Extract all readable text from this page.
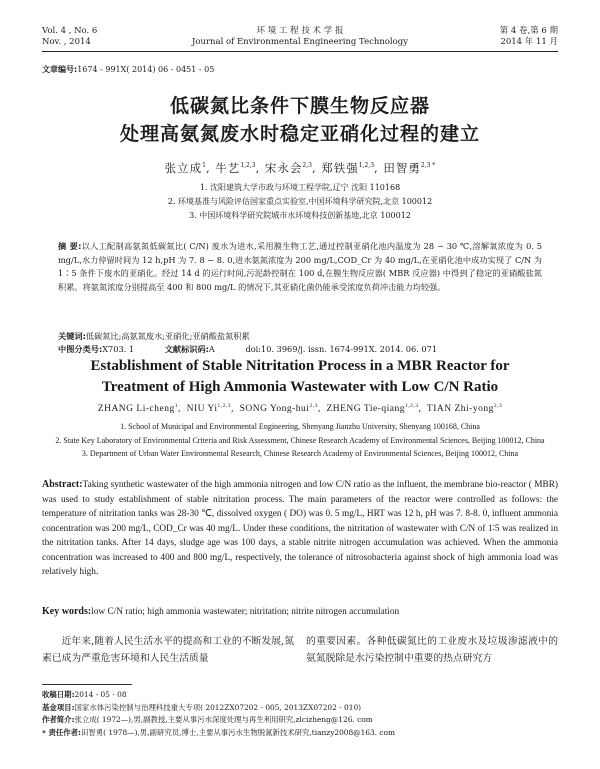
Vol. 4 , No. 6
Nov. , 2014
环 境 工 程 技 术 学 报
Journal of Environmental Engineering Technology
第 4 卷,第 6 期
2014 年 11 月
文章编号:1674 - 991X( 2014) 06 - 0451 - 05
低碳氮比条件下膜生物反应器
处理高氨氮废水时稳定亚硝化过程的建立
张立成$^1$, 牛艺$^{1,2,3}$, 宋永会$^{2,3}$, 郑铁强$^{1,2,3}$, 田智勇$^{2,3 *}$
1. 沈阳建筑大学市政与环境工程学院,辽宁 沈阳 110168
2. 环境基准与风险评估国家重点实验室,中国环境科学研究院,北京 100012
3. 中国环境科学研究院城市水环境科技创新基地,北京 100012
摘 要:以人工配制高氨氮低碳氮比( C/N) 废水为进水,采用膜生物工艺,通过控制亚硝化池内温度为 28 ~ 30 ℃,溶解氧浓度为 0. 5 mg/L,水力停留时间为 12 h,pH 为 7. 8 ~ 8. 0,进水氨氮浓度为 200 mg/L,COD_Cr 为 40 mg/L,在亚硝化池中成功实现了 C/N 为 1∶5 条件下废水的亚硝化。经过 14 d 的运行时间,污泥龄控制在 100 d,在膜生物反应器( MBR 反应器) 中得到了稳定的亚硝酸盐氮积累。将氨氮浓度分别提高至 400 和 800 mg/L 的情况下,其亚硝化菌仍能承受浓度负荷冲击能力均较强。
关键词:低碳氮比;高氨氮废水;亚硝化;亚硝酸盐氮积累
中图分类号:X703. 1	文献标识码:A	doi:10. 3969/j. issn. 1674-991X. 2014. 06. 071
Establishment of Stable Nitritation Process in a MBR Reactor for
Treatment of High Ammonia Wastewater with Low C/N Ratio
ZHANG Li-cheng$^1$,  NIU Yi$^{1,2,3}$,  SONG Yong-hui$^{2,3}$,  ZHENG Tie-qiang$^{1,2,3}$,  TIAN Zhi-yong$^{2,3}$
1. School of Municipal and Environmental Engineering, Shenyang Jianzhu University, Shenyang 100168, China
2. State Key Laboratory of Environmental Criteria and Risk Assessment, Chinese Research Academy of Environmental Sciences, Beijing 100012, China
3. Department of Urban Water Environmental Research, Chinese Research Academy of Environmental Sciences, Beijing 100012, China
Abstract:Taking synthetic wastewater of the high ammonia nitrogen and low C/N ratio as the influent, the membrane bio-reactor ( MBR) was used to study establishment of stable nitritation process. The main parameters of the reactor were controlled as follows: the temperature of nitritation tanks was 28-30 ℃, dissolved oxygen ( DO) was 0. 5 mg/L, HRT was 12 h, pH was 7. 8-8. 0, influent ammonia concentration was 200 mg/L, COD_Cr was 40 mg/L. Under these conditions, the nitritation of wastewater with C/N of 1∶5 was realized in the nitritation tanks. After 14 days, sludge age was 100 days, a stable nitrite nitrogen accumulation was achieved. When the ammonia concentration was increased to 400 and 800 mg/L, respectively, the tolerance of nitrosobacteria against shock of high ammonia load was relatively high.
Key words:low C/N ratio; high ammonia wastewater; nitritation; nitrite nitrogen accumulation
近年来,随着人民生活水平的提高和工业的不断发展,氮素已成为严重危害环境和人民生活质量
的重要因素。各种低碳氮比的工业废水及垃圾渗滤液中的氨氮脱除是水污染控制中重要的热点研究方
收稿日期:2014 - 05 - 08
基金项目:国家水体污染控制与治理科技重大专项( 2012ZX07202 - 005, 2013ZX07202 - 010)
作者简介:张立成( 1972—),男,副教授,主要从事污水深度处理与再生利用研究,zlcizheng@126. com
* 责任作者:田智勇( 1978—),男,副研究员,博士,主要从事污水生物脱氮新技术研究,tianzy2008@163. com
